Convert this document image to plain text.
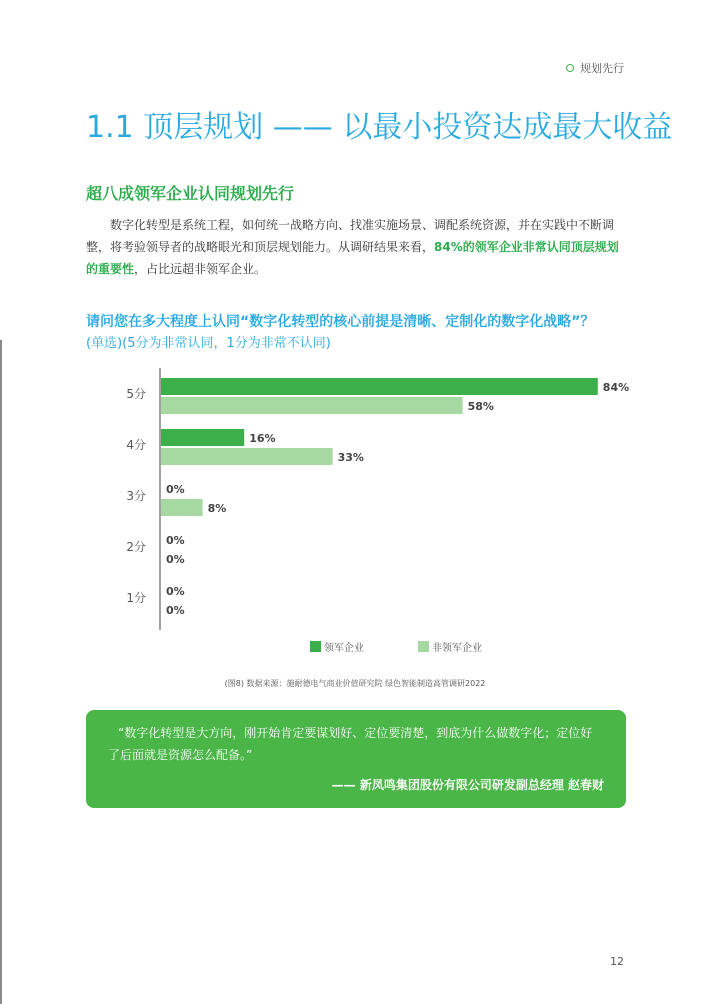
规划先行
1.1 顶层规划 —— 以最小投资达成最大收益
超八成领军企业认同规划先行

数字化转型是系统工程，如何统一战略方向、找准实施场景、调配系统资源，并在实践中不断调整，将考验领导者的战略眼光和顶层规划能力。从调研结果来看，84%的领军企业非常认同顶层规划的重要性，占比远超非领军企业。

请问您在多大程度上认同“数字化转型的核心前提是清晰、定制化的数字化战略”？
(单选)(5分为非常认同，1分为非常不认同)
5分	84%
58%
4分	16%
33%
3分 0%
8%
2分 0%
0%
1分 0%
0%
领军企业	非领军企业
(图8) 数据来源：施耐德电气商业价值研究院 绿色智能制造高管调研2022

“数字化转型是大方向，刚开始肯定要谋划好、定位要清楚，到底为什么做数字化；定位好了后面就是资源怎么配备。”

—— 新凤鸣集团股份有限公司研发副总经理 赵春财
12
